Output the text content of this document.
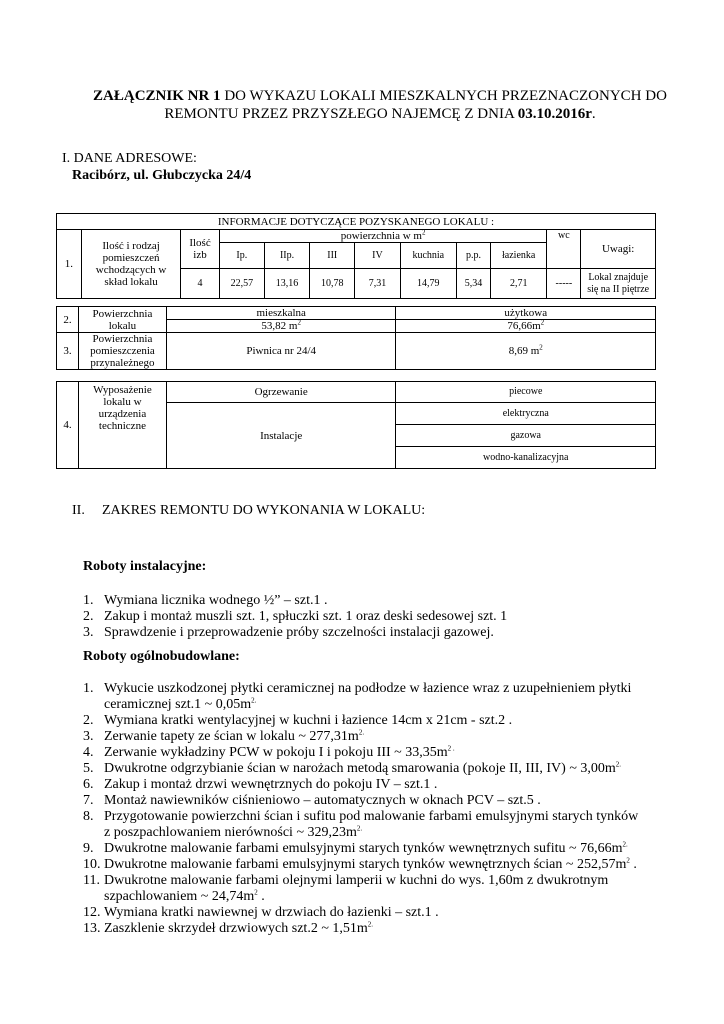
ZAŁĄCZNIK NR 1 DO WYKAZU LOKALI MIESZKALNYCH PRZEZNACZONYCH DO
REMONTU PRZEZ PRZYSZŁEGO NAJEMCĘ Z DNIA 03.10.2016r.
I. DANE ADRESOWE:
Racibórz, ul. Głubczycka 24/4
INFORMACJE DOTYCZĄCE POZYSKANEGO LOKALU :											
1.	Ilość i rodzaj pomieszczeń wchodzących w skład lokalu	Ilość izb	powierzchnia w $m^2$							wc	Uwagi:
			Ip.	IIp.	III	IV	kuchnia	p.p.	łazienka		
		4	22,57	13,16	10,78	7,31	14,79	5,34	2,71	-----	Lokal znajduje się na II piętrze
2.	Powierzchnia lokalu	mieszkalna	użytkowa
		53,82 $m^2$	$76,66m^2$
3.	Powierzchnia pomieszczenia przynależnego	Piwnica nr 24/4	8,69 $m^2$
4.	Wyposażenie lokalu w urządzenia techniczne	Ogrzewanie	piecowe
		Instalacje	elektryczna
			gazowa
			wodno-kanalizacyjna
II. ZAKRES REMONTU DO WYKONANIA W LOKALU:
Roboty instalacyjne:
1. Wymiana licznika wodnego ½” – szt.1 .
2. Zakup i montaż muszli szt. 1, spłuczki szt. 1 oraz deski sedesowej szt. 1
3. Sprawdzenie i przeprowadzenie próby szczelności instalacji gazowej.
Roboty ogólnobudowlane:
1. Wykucie uszkodzonej płytki ceramicznej na podłodze w łazience wraz z uzupełnieniem płytki ceramicznej szt.1 ~ $0,05m^{2.}$
2. Wymiana kratki wentylacyjnej w kuchni i łazience 14cm x 21cm - szt.2 .
3. Zerwanie tapety ze ścian w lokalu ~ $277,31m^{2.}$
4. Zerwanie wykładziny PCW w pokoju I i pokoju III ~ $33,35m^{2 .}$
5. Dwukrotne odgrzybianie ścian w narożach metodą smarowania (pokoje II, III, IV) ~ $3,00m^{2.}$
6. Zakup i montaż drzwi wewnętrznych do pokoju IV – szt.1 .
7. Montaż nawiewników ciśnieniowo – automatycznych w oknach PCV – szt.5 .
8. Przygotowanie powierzchni ścian i sufitu pod malowanie farbami emulsyjnymi starych tynków z poszpachlowaniem nierówności ~ $329,23m^{2.}$
9. Dwukrotne malowanie farbami emulsyjnymi starych tynków wewnętrznych sufitu ~ $76,66m^{2.}$
10. Dwukrotne malowanie farbami emulsyjnymi starych tynków wewnętrznych ścian ~ $252,57m^2$ .
11. Dwukrotne malowanie farbami olejnymi lamperii w kuchni do wys. 1,60m z dwukrotnym szpachlowaniem ~ $24,74m^2$ .
12. Wymiana kratki nawiewnej w drzwiach do łazienki – szt.1 .
13. Zaszklenie skrzydeł drzwiowych szt.2 ~ $1,51m^{2.}$
